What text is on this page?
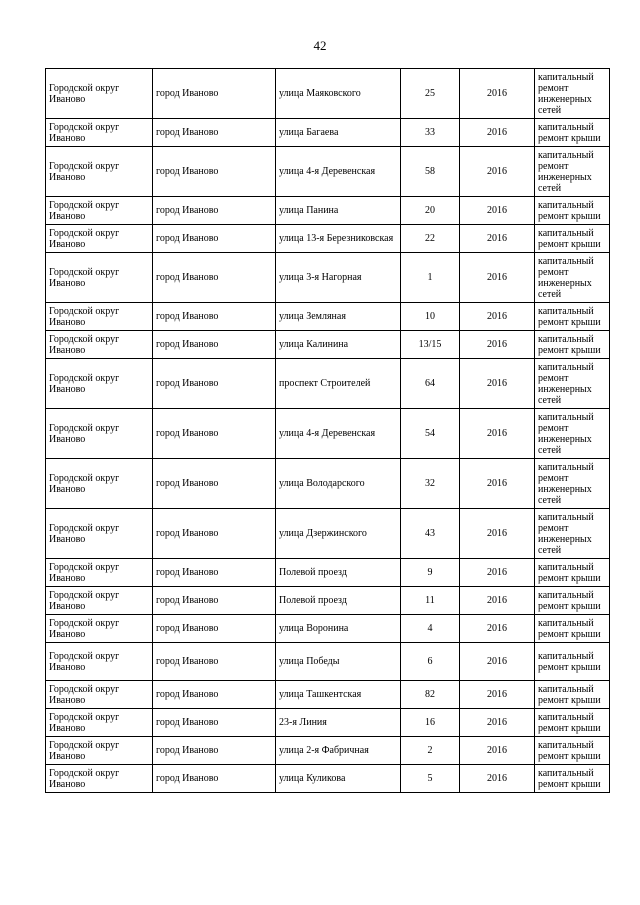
42
Городской округ Иваново	город Иваново	улица Маяковского	25	2016	капитальный ремонт инженерных сетей
Городской округ Иваново	город Иваново	улица Багаева	33	2016	капитальный ремонт крыши
Городской округ Иваново	город Иваново	улица 4-я Деревенская	58	2016	капитальный ремонт инженерных сетей
Городской округ Иваново	город Иваново	улица Панина	20	2016	капитальный ремонт крыши
Городской округ Иваново	город Иваново	улица 13-я Березниковская	22	2016	капитальный ремонт крыши
Городской округ Иваново	город Иваново	улица 3-я Нагорная	1	2016	капитальный ремонт инженерных сетей
Городской округ Иваново	город Иваново	улица Земляная	10	2016	капитальный ремонт крыши
Городской округ Иваново	город Иваново	улица Калинина	13/15	2016	капитальный ремонт крыши
Городской округ Иваново	город Иваново	проспект Строителей	64	2016	капитальный ремонт инженерных сетей
Городской округ Иваново	город Иваново	улица 4-я Деревенская	54	2016	капитальный ремонт инженерных сетей
Городской округ Иваново	город Иваново	улица Володарского	32	2016	капитальный ремонт инженерных сетей
Городской округ Иваново	город Иваново	улица Дзержинского	43	2016	капитальный ремонт инженерных сетей
Городской округ Иваново	город Иваново	Полевой проезд	9	2016	капитальный ремонт крыши
Городской округ Иваново	город Иваново	Полевой проезд	11	2016	капитальный ремонт крыши
Городской округ Иваново	город Иваново	улица Воронина	4	2016	капитальный ремонт крыши
Городской округ Иваново	город Иваново	улица Победы	6	2016	капитальный ремонт крыши
Городской округ Иваново	город Иваново	улица Ташкентская	82	2016	капитальный ремонт крыши
Городской округ Иваново	город Иваново	23-я Линия	16	2016	капитальный ремонт крыши
Городской округ Иваново	город Иваново	улица 2-я Фабричная	2	2016	капитальный ремонт крыши
Городской округ Иваново	город Иваново	улица Куликова	5	2016	капитальный ремонт крыши
